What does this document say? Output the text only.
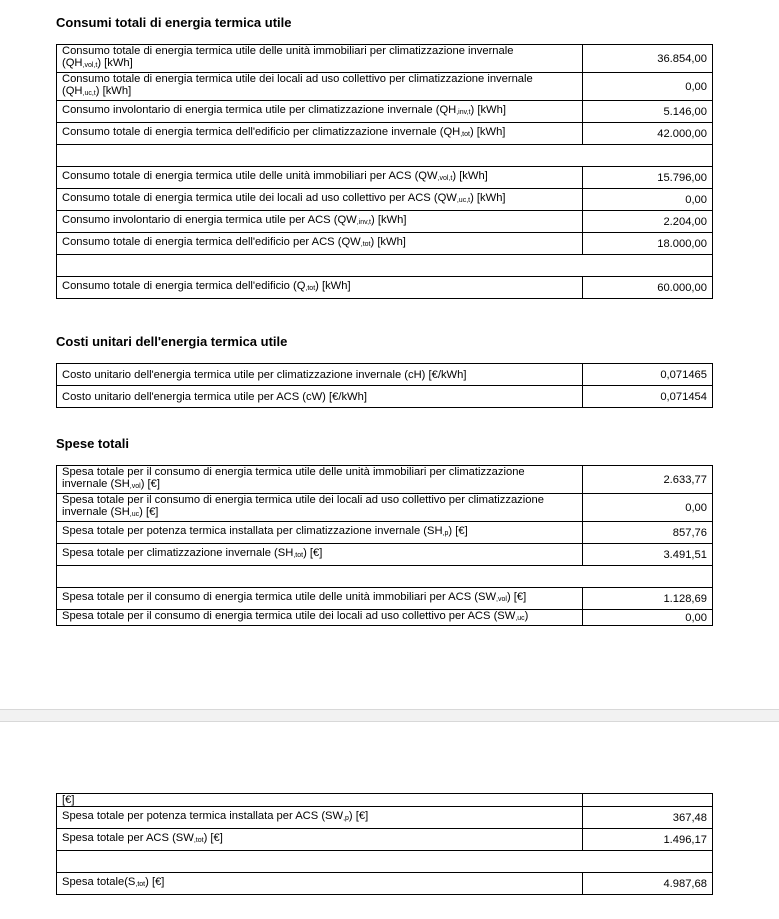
Consumi totali di energia termica utile
Consumo totale di energia termica utile delle unità immobiliari per climatizzazione invernale
$(QH_{,vol,t})$ [kWh]	36.854,00
Consumo totale di energia termica utile dei locali ad uso collettivo per climatizzazione invernale
$(QH_{,uc,t})$ [kWh]	0,00
Consumo involontario di energia termica utile per climatizzazione invernale $(QH_{,inv,t})$ [kWh]	5.146,00
Consumo totale di energia termica dell'edificio per climatizzazione invernale $(QH_{,tot})$ [kWh]	42.000,00

Consumo totale di energia termica utile delle unità immobiliari per ACS $(QW_{,vol,t})$ [kWh]	15.796,00
Consumo totale di energia termica utile dei locali ad uso collettivo per ACS $(QW_{,uc,t})$ [kWh]	0,00
Consumo involontario di energia termica utile per ACS $(QW_{,inv,t})$ [kWh]	2.204,00
Consumo totale di energia termica dell'edificio per ACS $(QW_{,tot})$ [kWh]	18.000,00

Consumo totale di energia termica dell'edificio $(Q_{,tot})$ [kWh]	60.000,00
Costi unitari dell'energia termica utile
Costo unitario dell'energia termica utile per climatizzazione invernale (cH) [€/kWh]	0,071465
Costo unitario dell'energia termica utile per ACS (cW) [€/kWh]	0,071454
Spese totali
Spesa totale per il consumo di energia termica utile delle unità immobiliari per climatizzazione
invernale $(SH_{,vol})$ [€]	2.633,77
Spesa totale per il consumo di energia termica utile dei locali ad uso collettivo per climatizzazione
invernale $(SH_{,uc})$ [€]	0,00
Spesa totale per potenza termica installata per climatizzazione invernale $(SH_{,p})$ [€]	857,76
Spesa totale per climatizzazione invernale $(SH_{,tot})$ [€]	3.491,51

Spesa totale per il consumo di energia termica utile delle unità immobiliari per ACS $(SW_{,vol})$ [€]	1.128,69
Spesa totale per il consumo di energia termica utile dei locali ad uso collettivo per ACS $(SW_{,uc})$	0,00
[€]	
Spesa totale per potenza termica installata per ACS $(SW_{,p})$ [€]	367,48
Spesa totale per ACS $(SW_{,tot})$ [€]	1.496,17

Spesa $totale(S_{,tot})$ [€]	4.987,68
